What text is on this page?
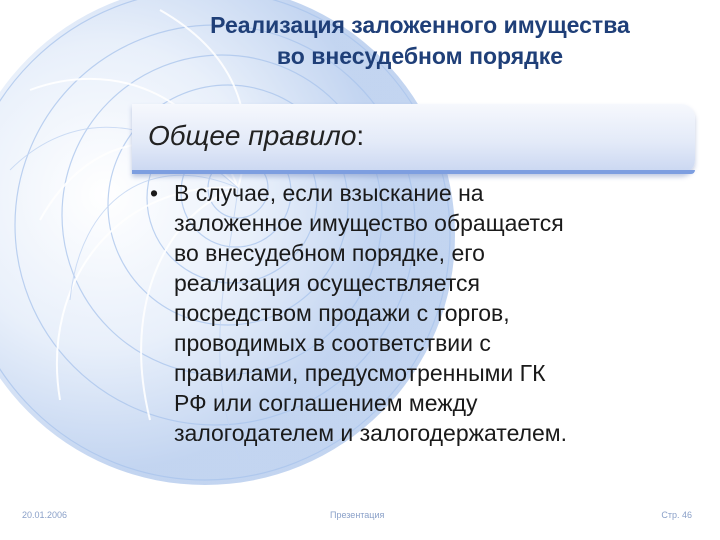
Реализация заложенного имущества
во внесудебном порядке
Общее правило:
• В случае, если взыскание на
заложенное имущество обращается
во внесудебном порядке, его
реализация осуществляется
посредством продажи с торгов,
проводимых в соответствии с
правилами, предусмотренными ГК
РФ или соглашением между
залогодателем и залогодержателем.
20.01.2006	Презентация	Стр. 46
